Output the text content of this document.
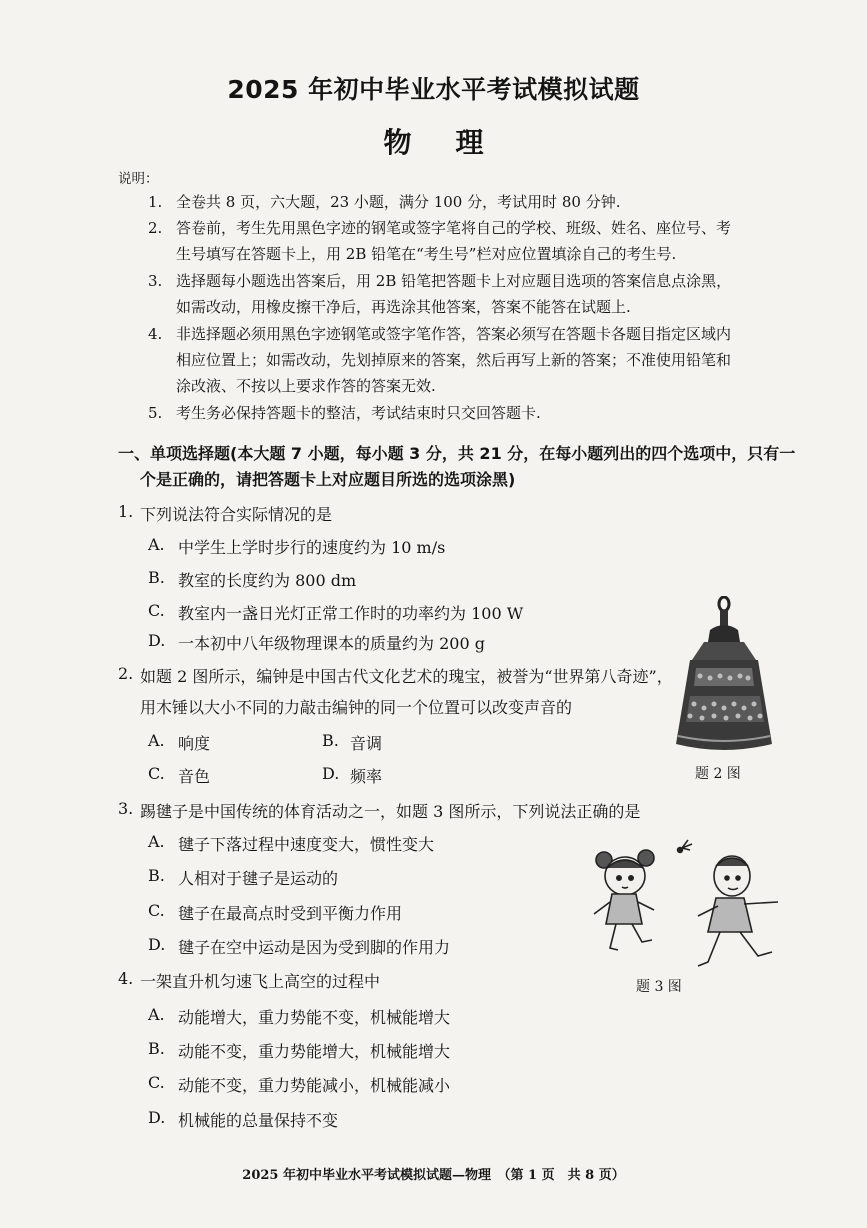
2025 年初中毕业水平考试模拟试题
物理
说明：
1. 全卷共 8 页，六大题，23 小题，满分 100 分，考试用时 80 分钟.
2. 答卷前，考生先用黑色字迹的钢笔或签字笔将自己的学校、班级、姓名、座位号、考
生号填写在答题卡上，用 2B 铅笔在“考生号”栏对应位置填涂自己的考生号.
3. 选择题每小题选出答案后，用 2B 铅笔把答题卡上对应题目选项的答案信息点涂黑，
如需改动，用橡皮擦干净后，再选涂其他答案，答案不能答在试题上.
4. 非选择题必须用黑色字迹钢笔或签字笔作答，答案必须写在答题卡各题目指定区域内
相应位置上；如需改动，先划掉原来的答案，然后再写上新的答案；不准使用铅笔和
涂改液、不按以上要求作答的答案无效.
5. 考生务必保持答题卡的整洁，考试结束时只交回答题卡.
一、单项选择题(本大题 7 小题，每小题 3 分，共 21 分，在每小题列出的四个选项中，只有一
个是正确的，请把答题卡上对应题目所选的选项涂黑)
1. 下列说法符合实际情况的是
A. 中学生上学时步行的速度约为 10 m/s
B. 教室的长度约为 800 dm
C. 教室内一盏日光灯正常工作时的功率约为 100 W
D. 一本初中八年级物理课本的质量约为 200 g
2. 如题 2 图所示，编钟是中国古代文化艺术的瑰宝，被誉为“世界第八奇迹”，
用木锤以大小不同的力敲击编钟的同一个位置可以改变声音的
A. 响度	B. 音调
C. 音色	D. 频率	题 2 图
3. 踢毽子是中国传统的体育活动之一，如题 3 图所示，下列说法正确的是
A. 毽子下落过程中速度变大，惯性变大
B. 人相对于毽子是运动的
C. 毽子在最高点时受到平衡力作用
D. 毽子在空中运动是因为受到脚的作用力
题 3 图
4. 一架直升机匀速飞上高空的过程中
A. 动能增大，重力势能不变，机械能增大
B. 动能不变，重力势能增大，机械能增大
C. 动能不变，重力势能减小，机械能减小
D. 机械能的总量保持不变
2025 年初中毕业水平考试模拟试题—物理　（第 1 页　共 8 页）
